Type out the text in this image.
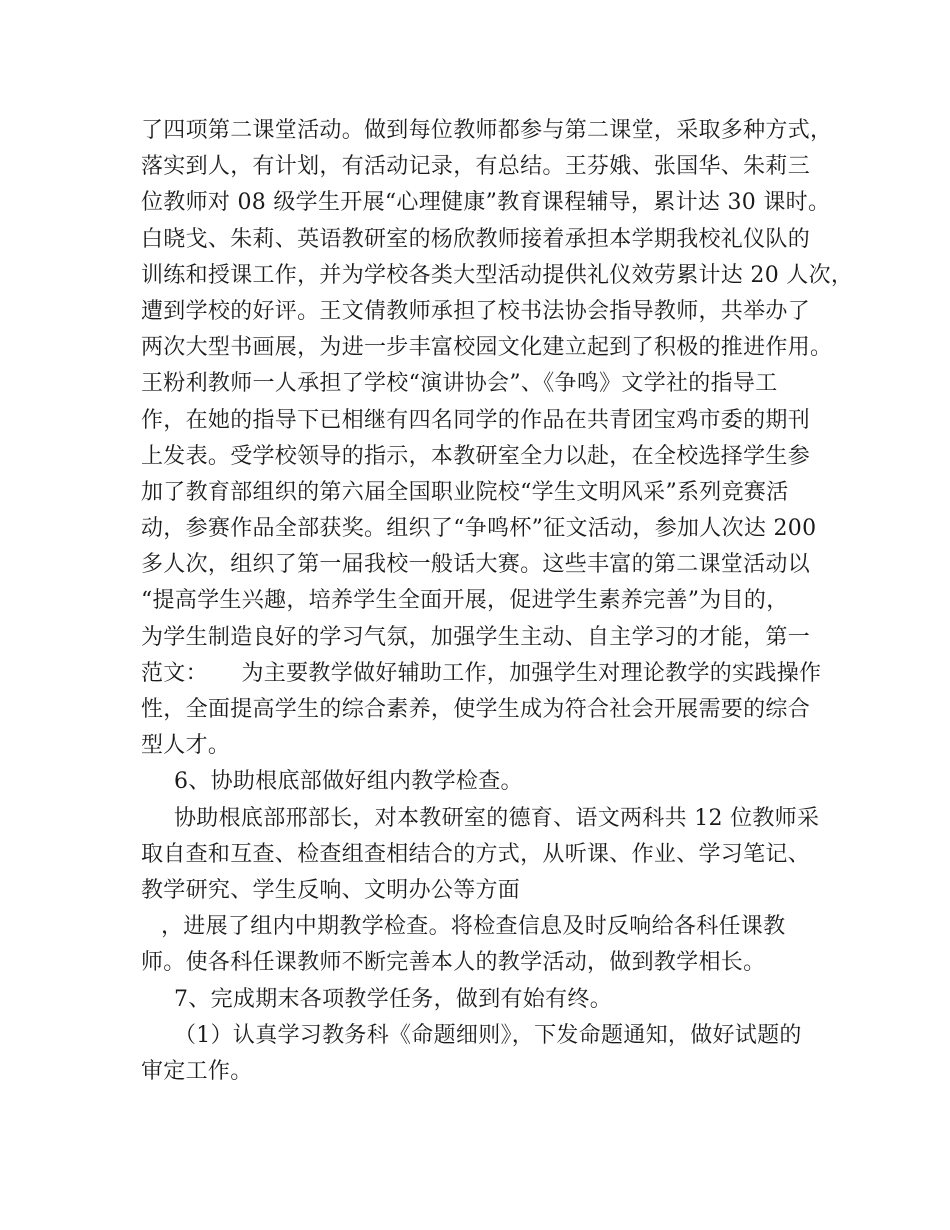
了四项第二课堂活动。做到每位教师都参与第二课堂，采取多种方式，
落实到人，有计划，有活动记录，有总结。王芬娥、张国华、朱莉三
位教师对 08 级学生开展“心理健康”教育课程辅导，累计达 30 课时。
白晓戈、朱莉、英语教研室的杨欣教师接着承担本学期我校礼仪队的
训练和授课工作，并为学校各类大型活动提供礼仪效劳累计达 20 人次，
遭到学校的好评。王文倩教师承担了校书法协会指导教师，共举办了
两次大型书画展，为进一步丰富校园文化建立起到了积极的推进作用。
王粉利教师一人承担了学校“演讲协会”、《争鸣》文学社的指导工
作，在她的指导下已相继有四名同学的作品在共青团宝鸡市委的期刊
上发表。受学校领导的指示，本教研室全力以赴，在全校选择学生参
加了教育部组织的第六届全国职业院校“学生文明风采”系列竞赛活
动，参赛作品全部获奖。组织了“争鸣杯”征文活动，参加人次达 200
多人次，组织了第一届我校一般话大赛。这些丰富的第二课堂活动以
“提高学生兴趣，培养学生全面开展，促进学生素养完善”为目的，
为学生制造良好的学习气氛，加强学生主动、自主学习的才能，第一
范文：　　为主要教学做好辅助工作，加强学生对理论教学的实践操作
性，全面提高学生的综合素养，使学生成为符合社会开展需要的综合
型人才。
6、协助根底部做好组内教学检查。
协助根底部邢部长，对本教研室的德育、语文两科共 12 位教师采
取自查和互查、检查组查相结合的方式，从听课、作业、学习笔记、
教学研究、学生反响、文明办公等方面
，进展了组内中期教学检查。将检查信息及时反响给各科任课教
师。使各科任课教师不断完善本人的教学活动，做到教学相长。
7、完成期末各项教学任务，做到有始有终。
（1）认真学习教务科《命题细则》，下发命题通知，做好试题的
审定工作。
